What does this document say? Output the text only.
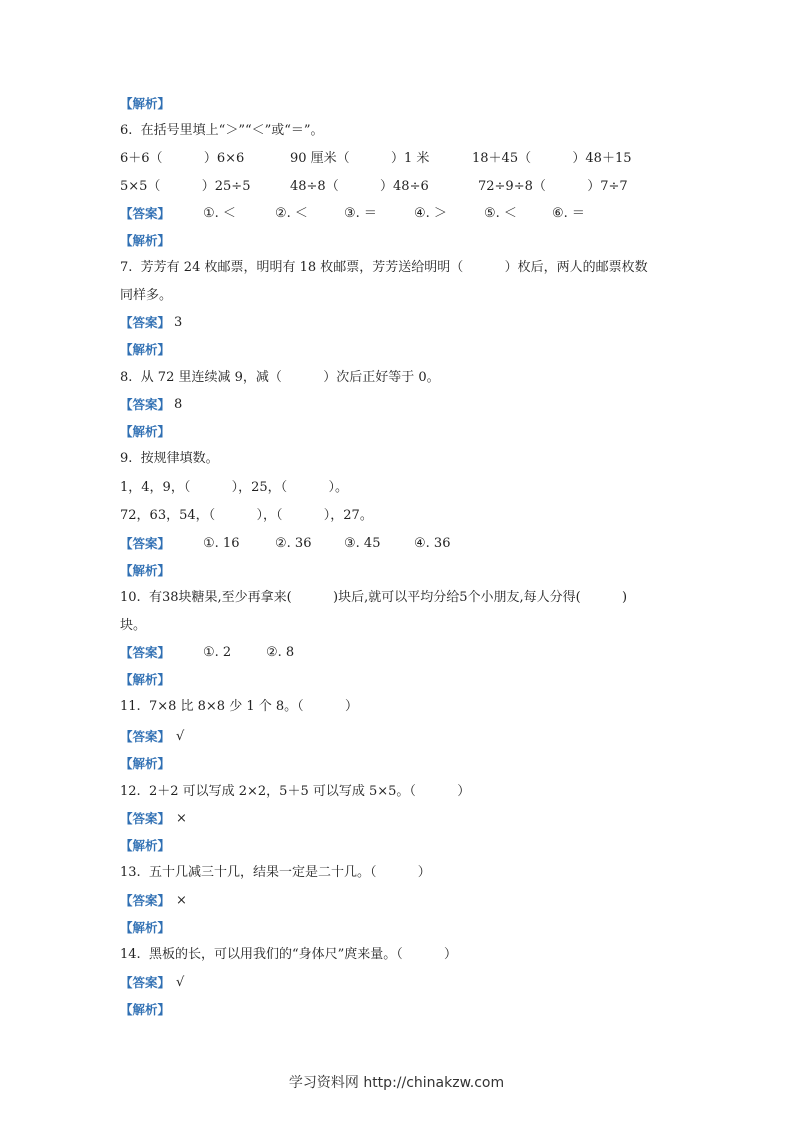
【解析】
6.  在括号里填上“＞”“＜”或“＝”。
6＋6（          ）6×6	90 厘米（          ）1 米	18＋45（          ）48＋15
5×5（          ）25÷5	48÷8（          ）48÷6	72÷9÷8（          ）7÷7
【答案】	①. ＜	②. ＜	③. ＝	④. ＞	⑤. ＜	⑥. ＝
【解析】
7.  芳芳有 24 枚邮票，明明有 18 枚邮票，芳芳送给明明（          ）枚后，两人的邮票枚数
同样多。
【答案】 3
【解析】
8.  从 72 里连续减 9，减（          ）次后正好等于 0。
【答案】 8
【解析】
9.  按规律填数。
1，4，9，（          ），25，（          ）。
72，63，54，（          ），（          ），27。
【答案】	①. 16	②. 36	③. 45	④. 36
【解析】
10.  有38块糖果,至少再拿来(          )块后,就可以平均分给5个小朋友,每人分得(          )
块。
【答案】	①. 2	②. 8
【解析】
11.  7×8 比 8×8 少 1 个 8。（          ）
【答案】 √
【解析】
12.  2＋2 可以写成 2×2，5＋5 可以写成 5×5。（          ）
【答案】 ×
【解析】
13.  五十几减三十几，结果一定是二十几。（          ）
【答案】 ×
【解析】
14.  黑板的长，可以用我们的“身体尺”庹来量。（          ）
【答案】 √
【解析】
学习资料网 http://chinakzw.com
